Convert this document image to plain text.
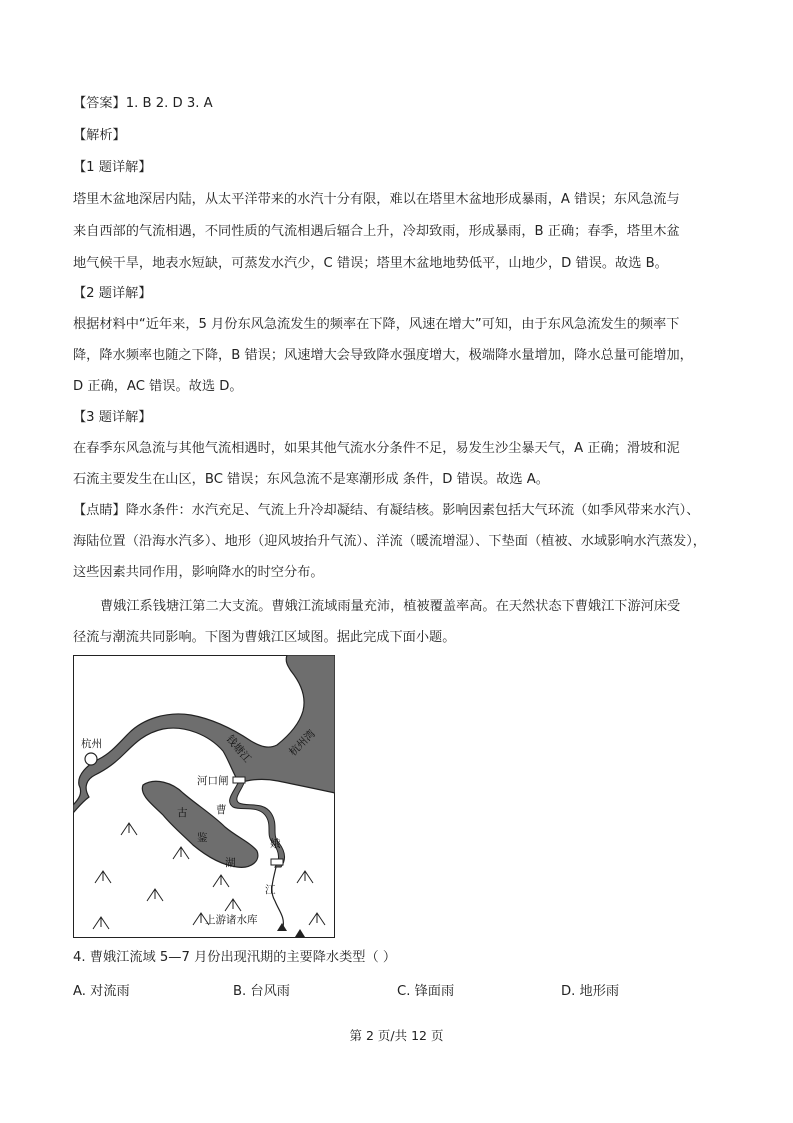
【答案】1. B 2. D 3. A
【解析】
【1 题详解】
塔里木盆地深居内陆，从太平洋带来的水汽十分有限，难以在塔里木盆地形成暴雨，A 错误；东风急流与
来自西部的气流相遇，不同性质的气流相遇后辐合上升，冷却致雨，形成暴雨，B 正确；春季，塔里木盆
地气候干旱，地表水短缺，可蒸发水汽少，C 错误；塔里木盆地地势低平，山地少，D 错误。故选 B。
【2 题详解】
根据材料中“近年来，5 月份东风急流发生的频率在下降，风速在增大”可知，由于东风急流发生的频率下
降，降水频率也随之下降，B 错误；风速增大会导致降水强度增大，极端降水量增加，降水总量可能增加，
D 正确，AC 错误。故选 D。
【3 题详解】
在春季东风急流与其他气流相遇时，如果其他气流水分条件不足，易发生沙尘暴天气，A 正确；滑坡和泥
石流主要发生在山区，BC 错误；东风急流不是寒潮形成 条件，D 错误。故选 A。
【点睛】降水条件：水汽充足、气流上升冷却凝结、有凝结核。影响因素包括大气环流（如季风带来水汽）、
海陆位置（沿海水汽多）、地形（迎风坡抬升气流）、洋流（暖流增湿）、下垫面（植被、水域影响水汽蒸发），
这些因素共同作用，影响降水的时空分布。
曹娥江系钱塘江第二大支流。曹娥江流域雨量充沛，植被覆盖率高。在天然状态下曹娥江下游河床受
径流与潮流共同影响。下图为曹娥江区域图。据此完成下面小题。
杭州	钱塘江	杭州湾
河口闸
古
鉴
湖
曹
娥
江
上游诸水库
4. 曹娥江流域 5—7 月份出现汛期的主要降水类型（ ）
A. 对流雨	B. 台风雨	C. 锋面雨	D. 地形雨
第 2 页/共 12 页
